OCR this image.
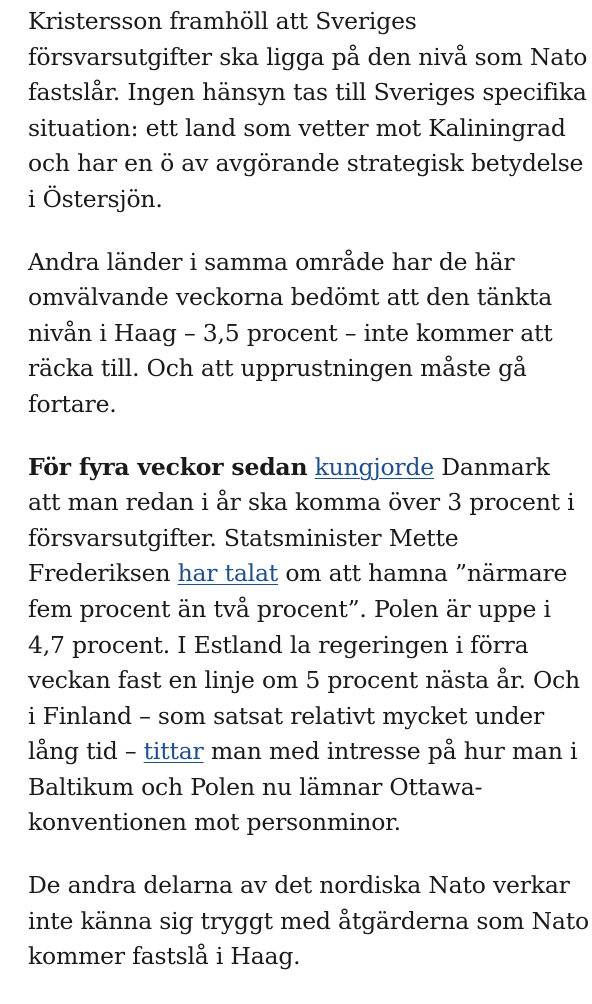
Kristersson framhöll att Sveriges
försvarsutgifter ska ligga på den nivå som Nato
fastslår. Ingen hänsyn tas till Sveriges specifika
situation: ett land som vetter mot Kaliningrad
och har en ö av avgörande strategisk betydelse
i Östersjön.

Andra länder i samma område har de här
omvälvande veckorna bedömt att den tänkta
nivån i Haag – 3,5 procent – inte kommer att
räcka till. Och att upprustningen måste gå
fortare.

För fyra veckor sedan kungjorde Danmark
att man redan i år ska komma över 3 procent i
försvarsutgifter. Statsminister Mette
Frederiksen har talat om att hamna ”närmare
fem procent än två procent”. Polen är uppe i
4,7 procent. I Estland la regeringen i förra
veckan fast en linje om 5 procent nästa år. Och
i Finland – som satsat relativt mycket under
lång tid – tittar man med intresse på hur man i
Baltikum och Polen nu lämnar Ottawa-
konventionen mot personminor.

De andra delarna av det nordiska Nato verkar
inte känna sig tryggt med åtgärderna som Nato
kommer fastslå i Haag.
